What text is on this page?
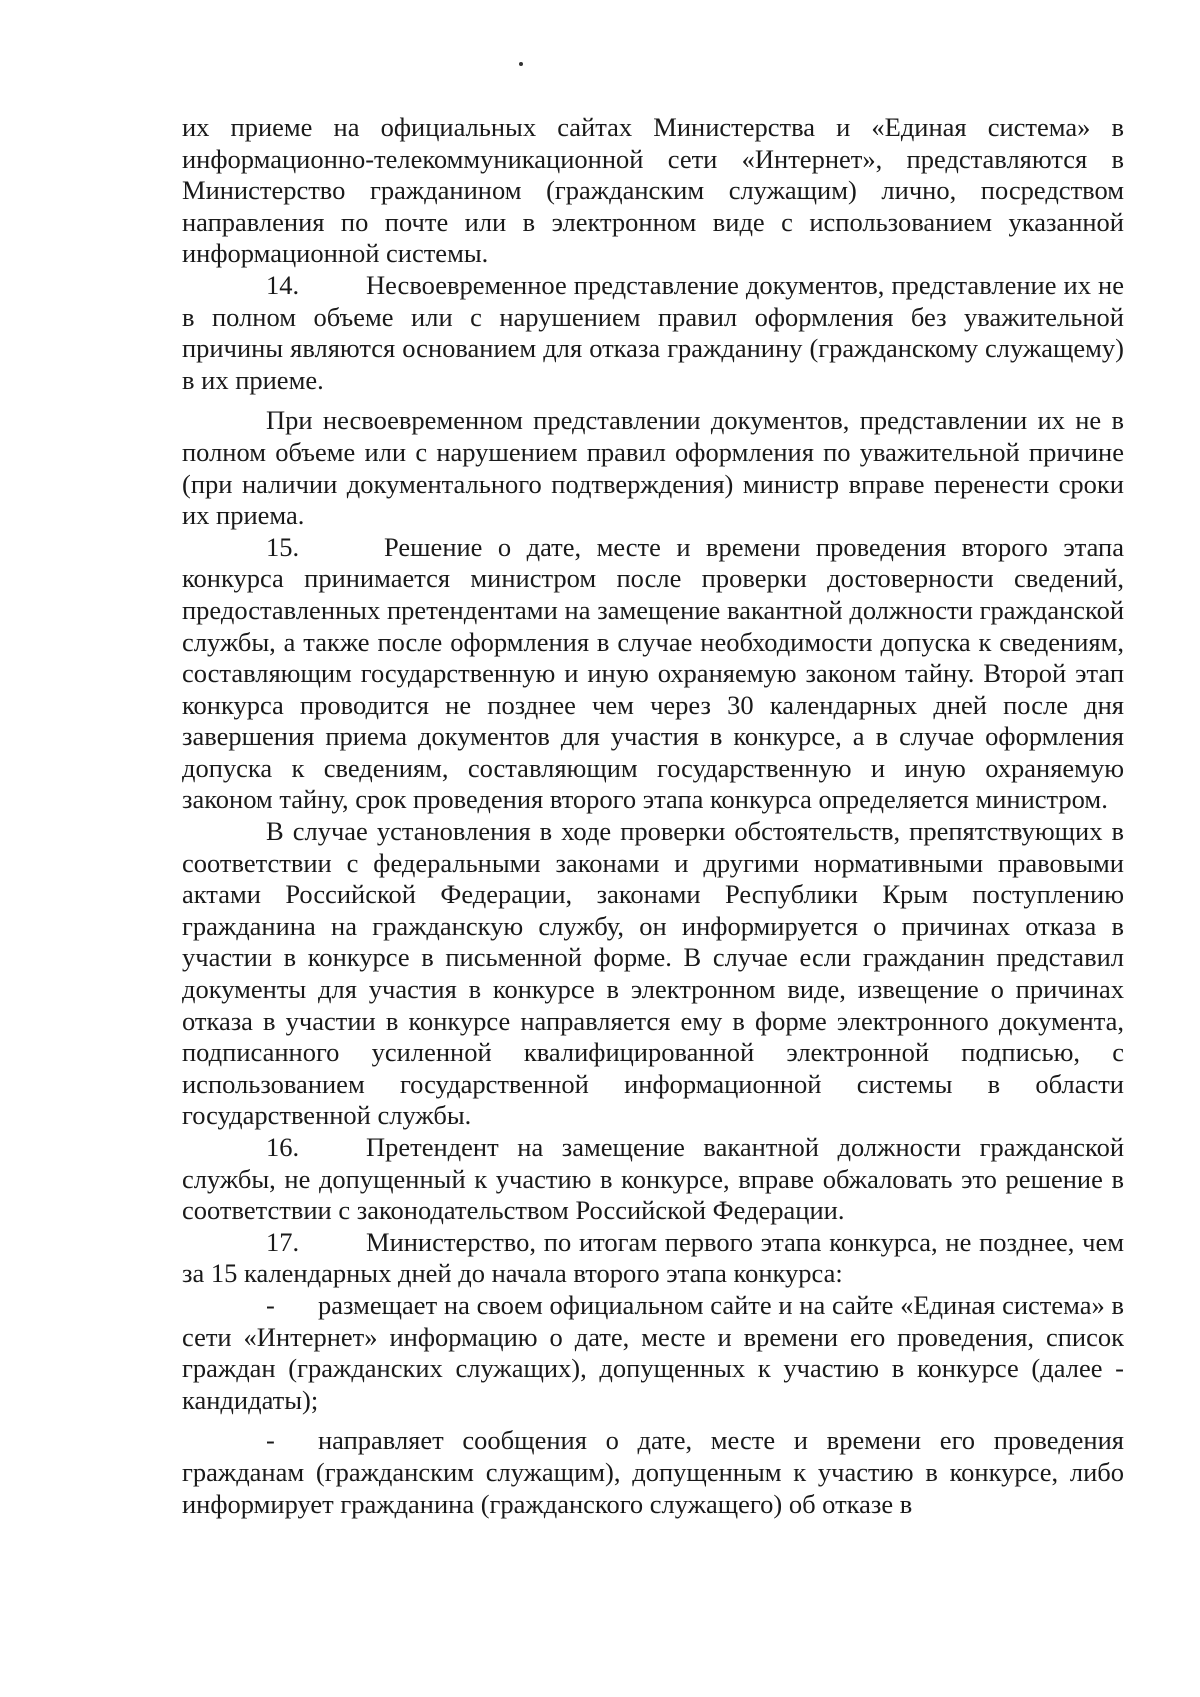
их приеме на официальных сайтах Министерства и «Единая система» в информационно-телекоммуникационной сети «Интернет», представляются в Министерство гражданином (гражданским служащим) лично, посредством направления по почте или в электронном виде с использованием указанной информационной системы.

14.	Несвоевременное представление документов, представление их не в полном объеме или с нарушением правил оформления без уважительной причины являются основанием для отказа гражданину (гражданскому служащему) в их приеме.

При несвоевременном представлении документов, представлении их не в полном объеме или с нарушением правил оформления по уважительной причине (при наличии документального подтверждения) министр вправе перенести сроки их приема.

15.	Решение о дате, месте и времени проведения второго этапа конкурса принимается министром после проверки достоверности сведений, предоставленных претендентами на замещение вакантной должности гражданской службы, а также после оформления в случае необходимости допуска к сведениям, составляющим государственную и иную охраняемую законом тайну. Второй этап конкурса проводится не позднее чем через 30 календарных дней после дня завершения приема документов для участия в конкурсе, а в случае оформления допуска к сведениям, составляющим государственную и иную охраняемую законом тайну, срок проведения второго этапа конкурса определяется министром.

В случае установления в ходе проверки обстоятельств, препятствующих в соответствии с федеральными законами и другими нормативными правовыми актами Российской Федерации, законами Республики Крым поступлению гражданина на гражданскую службу, он информируется о причинах отказа в участии в конкурсе в письменной форме. В случае если гражданин представил документы для участия в конкурсе в электронном виде, извещение о причинах отказа в участии в конкурсе направляется ему в форме электронного документа, подписанного усиленной квалифицированной электронной подписью, с использованием государственной информационной системы в области государственной службы.

16.	Претендент на замещение вакантной должности гражданской службы, не допущенный к участию в конкурсе, вправе обжаловать это решение в соответствии с законодательством Российской Федерации.

17.	Министерство, по итогам первого этапа конкурса, не позднее, чем за 15 календарных дней до начала второго этапа конкурса:

- размещает на своем официальном сайте и на сайте «Единая система» в сети «Интернет» информацию о дате, месте и времени его проведения, список граждан (гражданских служащих), допущенных к участию в конкурсе (далее - кандидаты);

- направляет сообщения о дате, месте и времени его проведения гражданам (гражданским служащим), допущенным к участию в конкурсе, либо информирует гражданина (гражданского служащего) об отказе в
